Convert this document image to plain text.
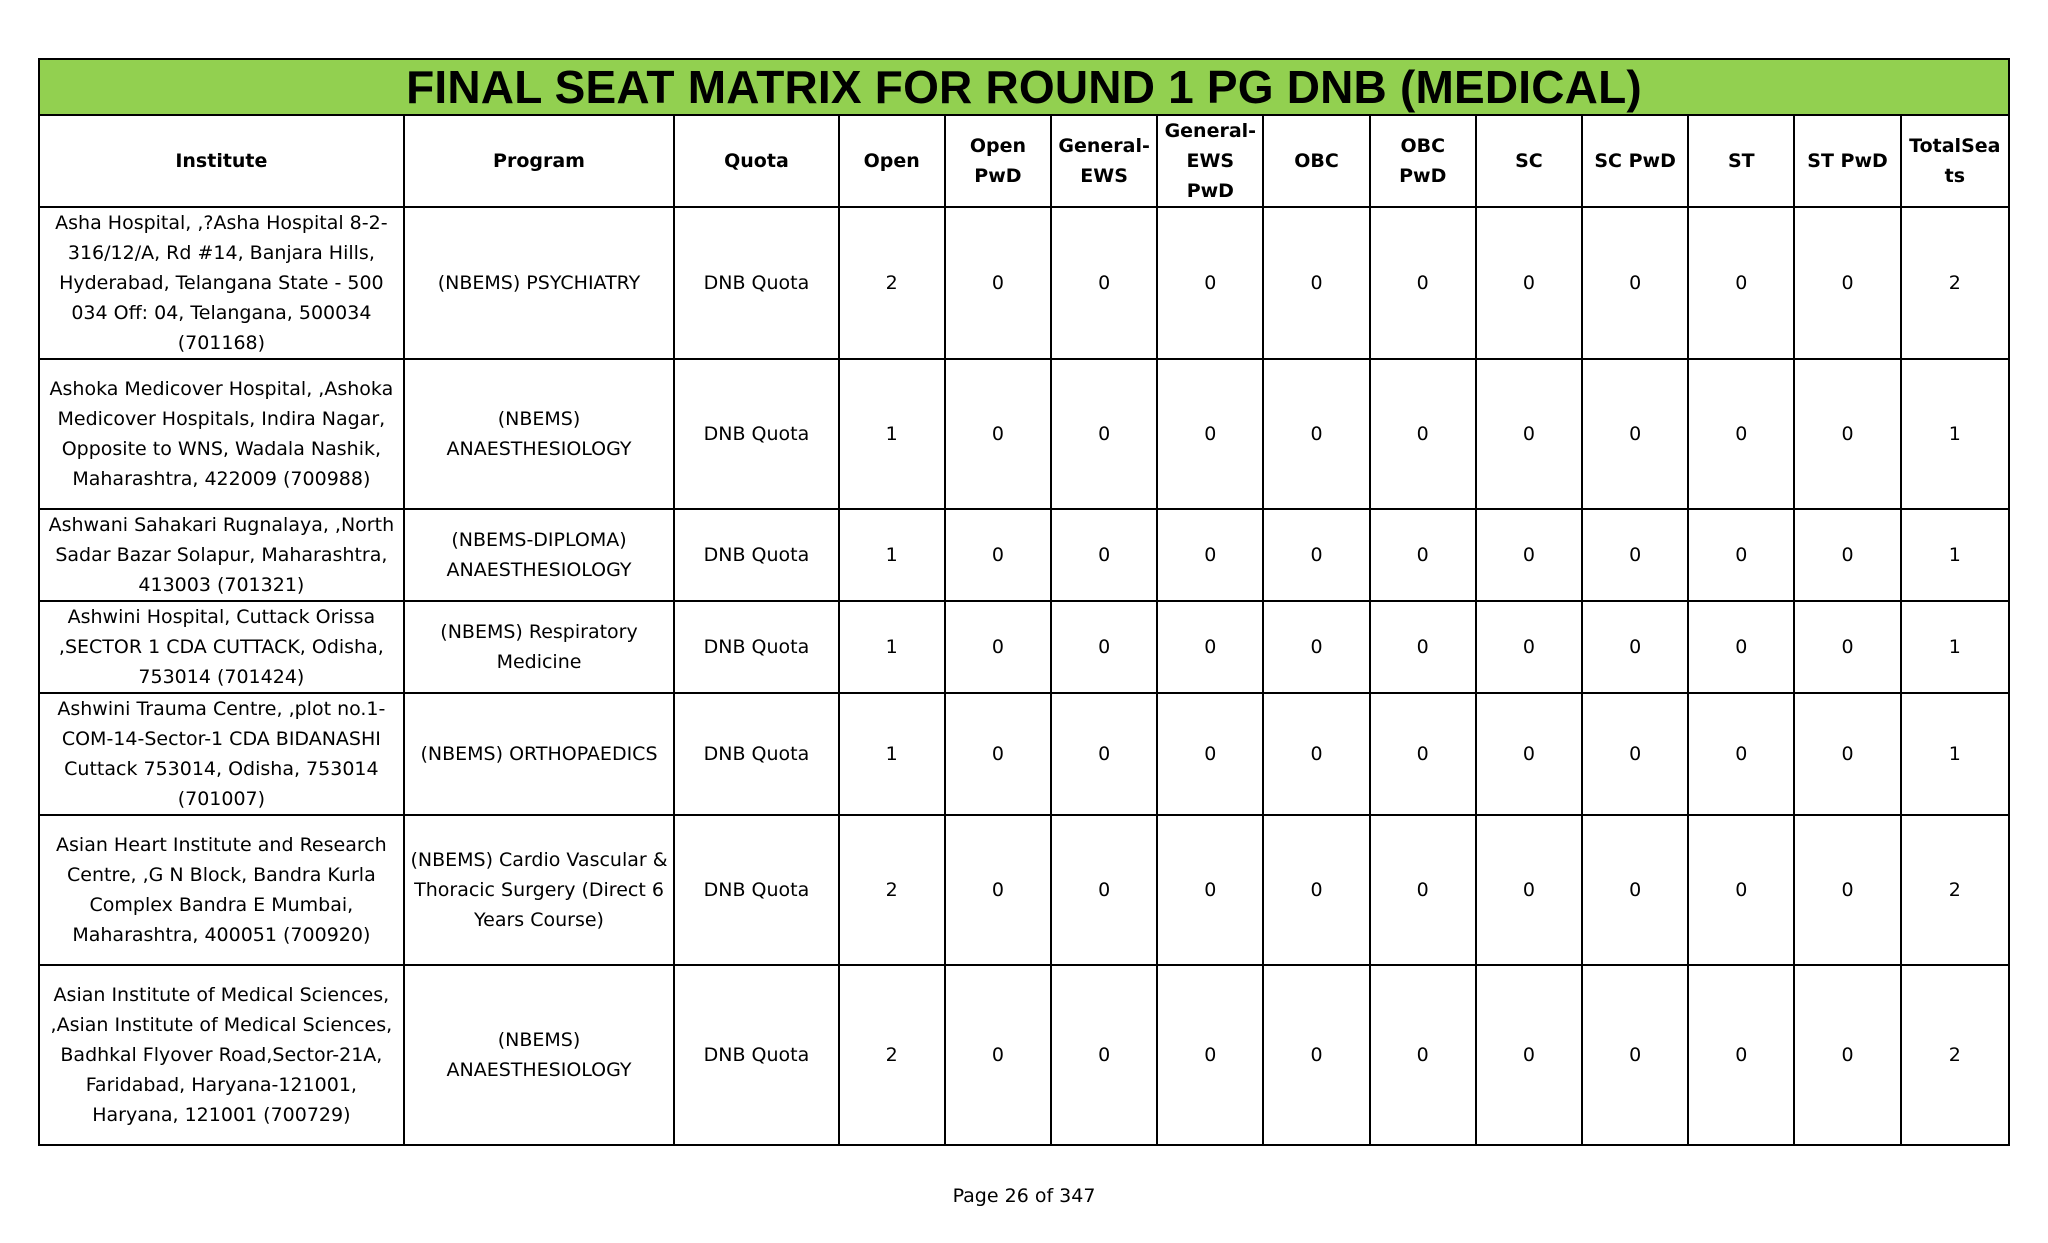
FINAL SEAT MATRIX FOR ROUND 1 PG DNB (MEDICAL)
Institute	Program	Quota	Open	Open PwD	General-EWS	General-EWS PwD	OBC	OBC PwD	SC	SC PwD	ST	ST PwD	TotalSeats
Asha Hospital, ,?Asha Hospital 8-2-316/12/A, Rd #14, Banjara Hills, Hyderabad, Telangana State - 500 034 Off: 04, Telangana, 500034 (701168)	(NBEMS) PSYCHIATRY	DNB Quota	2	0	0	0	0	0	0	0	0	0	2
Ashoka Medicover Hospital, ,Ashoka Medicover Hospitals, Indira Nagar, Opposite to WNS, Wadala Nashik, Maharashtra, 422009 (700988)	(NBEMS) ANAESTHESIOLOGY	DNB Quota	1	0	0	0	0	0	0	0	0	0	1
Ashwani Sahakari Rugnalaya, ,North Sadar Bazar Solapur, Maharashtra, 413003 (701321)	(NBEMS-DIPLOMA) ANAESTHESIOLOGY	DNB Quota	1	0	0	0	0	0	0	0	0	0	1
Ashwini Hospital, Cuttack Orissa ,SECTOR 1 CDA CUTTACK, Odisha, 753014 (701424)	(NBEMS) Respiratory Medicine	DNB Quota	1	0	0	0	0	0	0	0	0	0	1
Ashwini Trauma Centre, ,plot no.1-COM-14-Sector-1 CDA BIDANASHI Cuttack 753014, Odisha, 753014 (701007)	(NBEMS) ORTHOPAEDICS	DNB Quota	1	0	0	0	0	0	0	0	0	0	1
Asian Heart Institute and Research Centre, ,G N Block, Bandra Kurla Complex Bandra E Mumbai, Maharashtra, 400051 (700920)	(NBEMS) Cardio Vascular & Thoracic Surgery (Direct 6 Years Course)	DNB Quota	2	0	0	0	0	0	0	0	0	0	2
Asian Institute of Medical Sciences, ,Asian Institute of Medical Sciences, Badhkal Flyover Road,Sector-21A, Faridabad, Haryana-121001, Haryana, 121001 (700729)	(NBEMS) ANAESTHESIOLOGY	DNB Quota	2	0	0	0	0	0	0	0	0	0	2
Page 26 of 347
